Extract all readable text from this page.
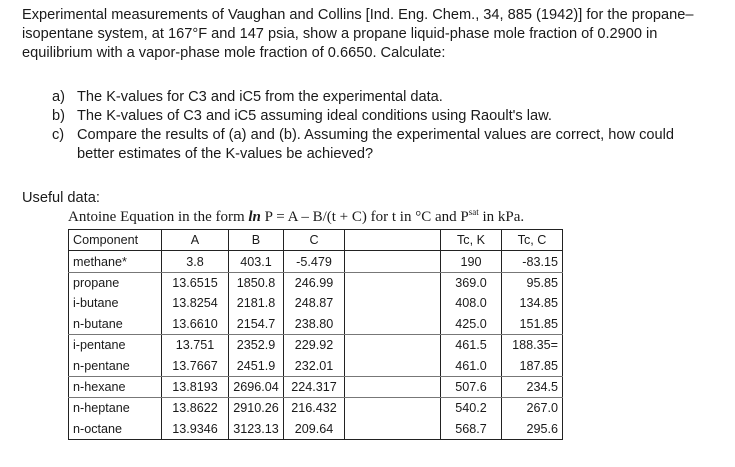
Experimental measurements of Vaughan and Collins [Ind. Eng. Chem., 34, 885 (1942)] for the propane–

isopentane system, at 167°F and 147 psia, show a propane liquid-phase mole fraction of 0.2900 in

equilibrium with a vapor-phase mole fraction of 0.6650. Calculate:

a) The K-values for C3 and iC5 from the experimental data.
b) The K-values of C3 and iC5 assuming ideal conditions using Raoult's law.
c) Compare the results of (a) and (b). Assuming the experimental values are correct, how could
better estimates of the K-values be achieved?
Useful data:
Antoine Equation in the form ln P = A – B/(t + C) for t in °C and $P^{sat}$ in kPa.
Component	A	B	C		Tc, K	Tc, C
methane*	3.8	403.1	-5.479		190	-83.15
propane	13.6515	1850.8	246.99		369.0	95.85
i-butane	13.8254	2181.8	248.87		408.0	134.85
n-butane	13.6610	2154.7	238.80		425.0	151.85
i-pentane	13.751	2352.9	229.92		461.5	188.35=
n-pentane	13.7667	2451.9	232.01		461.0	187.85
n-hexane	13.8193	2696.04	224.317		507.6	234.5
n-heptane	13.8622	2910.26	216.432		540.2	267.0
n-octane	13.9346	3123.13	209.64		568.7	295.6
